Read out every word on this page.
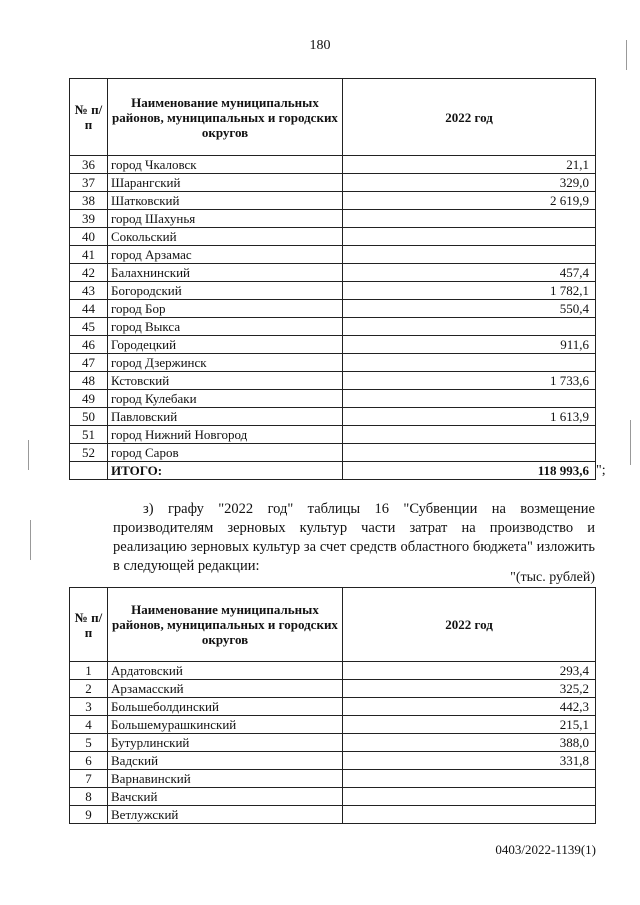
180
№ п/п	Наименование муниципальных районов, муниципальных и городских округов	2022 год
36	город Чкаловск	21,1
37	Шарангский	329,0
38	Шатковский	2 619,9
39	город Шахунья	
40	Сокольский	
41	город Арзамас	
42	Балахнинский	457,4
43	Богородский	1 782,1
44	город Бор	550,4
45	город Выкса	
46	Городецкий	911,6
47	город Дзержинск	
48	Кстовский	1 733,6
49	город Кулебаки	
50	Павловский	1 613,9
51	город Нижний Новгород	
52	город Саров	
	ИТОГО:	118 993,6 ";
з) графу "2022 год" таблицы 16 "Субвенции на возмещение производителям зерновых культур части затрат на производство и реализацию зерновых культур за счет средств областного бюджета" изложить в следующей редакции:
"(тыс. рублей)
№ п/п	Наименование муниципальных районов, муниципальных и городских округов	2022 год
1	Ардатовский	293,4
2	Арзамасский	325,2
3	Большеболдинский	442,3
4	Большемурашкинский	215,1
5	Бутурлинский	388,0
6	Вадский	331,8
7	Варнавинский	
8	Вачский	
9	Ветлужский	
0403/2022-1139(1)
